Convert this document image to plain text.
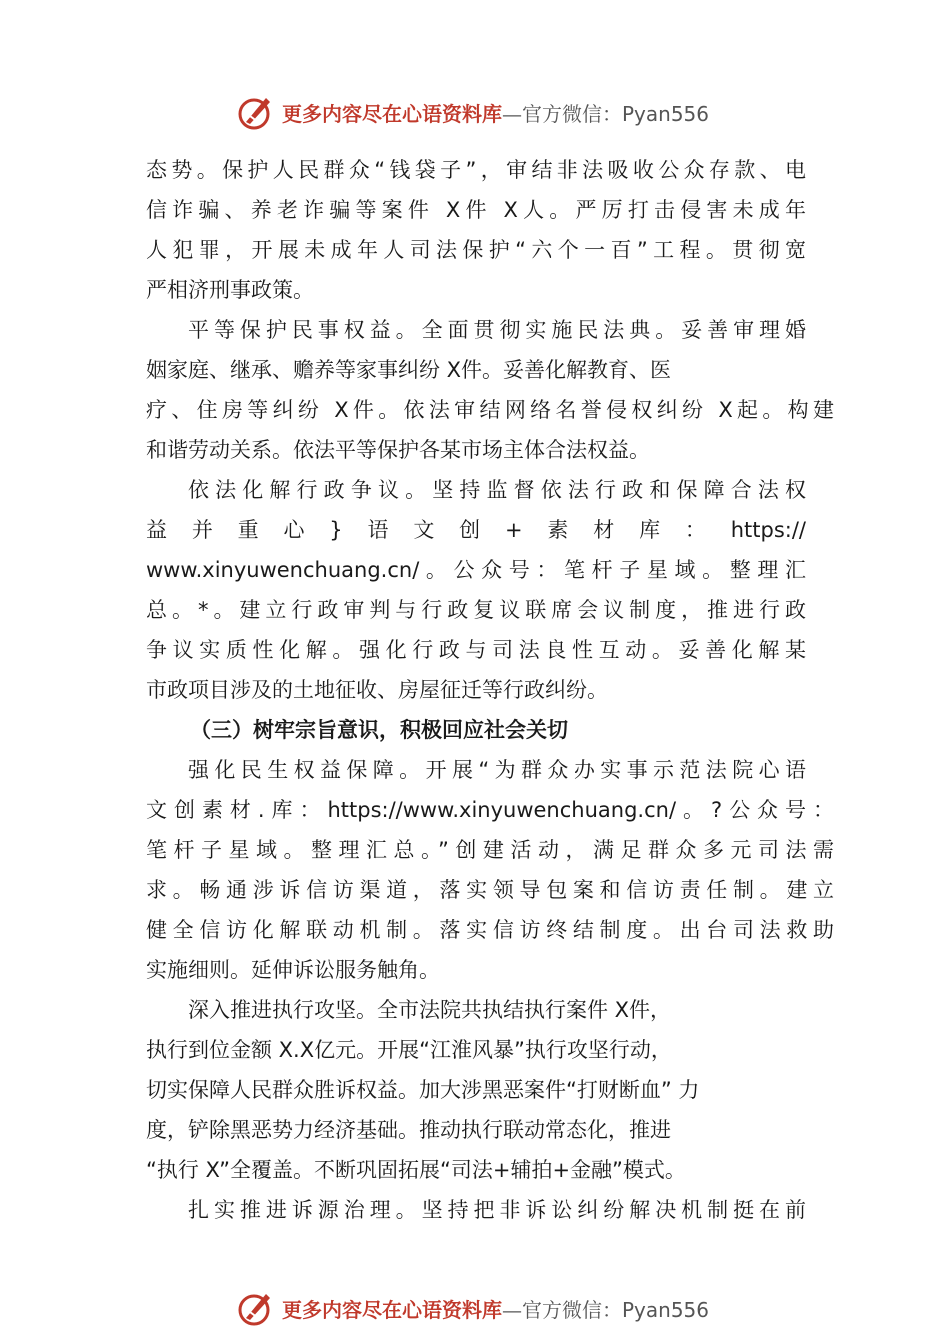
更多内容尽在心语资料库—官方微信：Pyan556
态势。保护人民群众“钱袋子”，审结非法吸收公众存款、电
信诈骗、养老诈骗等案件 X件 X人。严厉打击侵害未成年
人犯罪，开展未成年人司法保护“六个一百”工程。贯彻宽
严相济刑事政策。
平等保护民事权益。全面贯彻实施民法典。妥善审理婚
姻家庭、继承、赡养等家事纠纷 X件。妥善化解教育、医
疗、住房等纠纷 X件。依法审结网络名誉侵权纠纷 X起。构建
和谐劳动关系。依法平等保护各某市场主体合法权益。
依法化解行政争议。坚持监督依法行政和保障合法权
益并重心}语文创+素材库：https://
www.xinyuwenchuang.cn/。公众号：笔杆子星域。整理汇
总。*。建立行政审判与行政复议联席会议制度，推进行政
争议实质性化解。强化行政与司法良性互动。妥善化解某
市政项目涉及的土地征收、房屋征迁等行政纠纷。
（三）树牢宗旨意识，积极回应社会关切
强化民生权益保障。开展“为群众办实事示范法院心语
文创素材.库：https://www.xinyuwenchuang.cn/。?公众号：
笔杆子星域。整理汇总。”创建活动，满足群众多元司法需
求。畅通涉诉信访渠道，落实领导包案和信访责任制。建立
健全信访化解联动机制。落实信访终结制度。出台司法救助
实施细则。延伸诉讼服务触角。
深入推进执行攻坚。全市法院共执结执行案件 X件，
执行到位金额 X.X亿元。开展“江淮风暴”执行攻坚行动，
切实保障人民群众胜诉权益。加大涉黑恶案件“打财断血” 力
度，铲除黑恶势力经济基础。推动执行联动常态化，推进
“执行 X”全覆盖。不断巩固拓展“司法+辅拍+金融”模式。
扎实推进诉源治理。坚持把非诉讼纠纷解决机制挺在前
更多内容尽在心语资料库—官方微信：Pyan556
